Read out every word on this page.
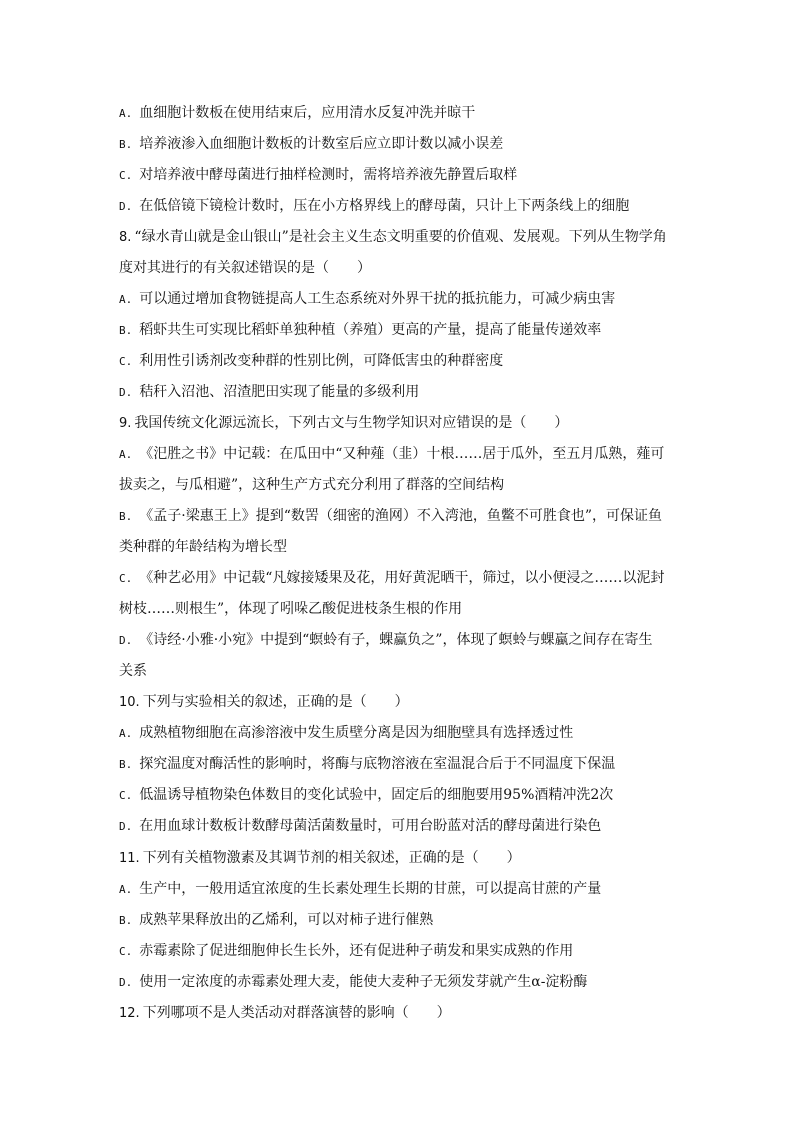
A. 血细胞计数板在使用结束后，应用清水反复冲洗并晾干
B. 培养液渗入血细胞计数板的计数室后应立即计数以减小误差
C. 对培养液中酵母菌进行抽样检测时，需将培养液先静置后取样
D. 在低倍镜下镜检计数时，压在小方格界线上的酵母菌，只计上下两条线上的细胞
8. “绿水青山就是金山银山”是社会主义生态文明重要的价值观、发展观。下列从生物学角
度对其进行的有关叙述错误的是（　　）
A. 可以通过增加食物链提高人工生态系统对外界干扰的抵抗能力，可减少病虫害
B. 稻虾共生可实现比稻虾单独种植（养殖）更高的产量，提高了能量传递效率
C. 利用性引诱剂改变种群的性别比例，可降低害虫的种群密度
D. 秸秆入沼池、沼渣肥田实现了能量的多级利用
9. 我国传统文化源远流长，下列古文与生物学知识对应错误的是（　　）
A. 《汜胜之书》中记载：在瓜田中“又种薤（韭）十根……居于瓜外，至五月瓜熟，薤可
拔卖之，与瓜相避”，这种生产方式充分利用了群落的空间结构
B. 《孟子·梁惠王上》提到“数罟（细密的渔网）不入湾池，鱼鳖不可胜食也”，可保证鱼
类种群的年龄结构为增长型
C. 《种艺必用》中记载“凡嫁接矮果及花，用好黄泥晒干，筛过，以小便浸之……以泥封
树枝……则根生”，体现了吲哚乙酸促进枝条生根的作用
D. 《诗经·小雅·小宛》中提到“螟蛉有子，蜾蠃负之”，体现了螟蛉与蜾蠃之间存在寄生
关系
10. 下列与实验相关的叙述，正确的是（　　）
A. 成熟植物细胞在高渗溶液中发生质壁分离是因为细胞壁具有选择透过性
B. 探究温度对酶活性的影响时，将酶与底物溶液在室温混合后于不同温度下保温
C. 低温诱导植物染色体数目的变化试验中，固定后的细胞要用95%酒精冲洗2次
D. 在用血球计数板计数酵母菌活菌数量时，可用台盼蓝对活的酵母菌进行染色
11. 下列有关植物激素及其调节剂的相关叙述，正确的是（　　）
A. 生产中，一般用适宜浓度的生长素处理生长期的甘蔗，可以提高甘蔗的产量
B. 成熟苹果释放出的乙烯利，可以对柿子进行催熟
C. 赤霉素除了促进细胞伸长生长外，还有促进种子萌发和果实成熟的作用
D. 使用一定浓度的赤霉素处理大麦，能使大麦种子无须发芽就产生α-淀粉酶
12. 下列哪项不是人类活动对群落演替的影响（　　）
